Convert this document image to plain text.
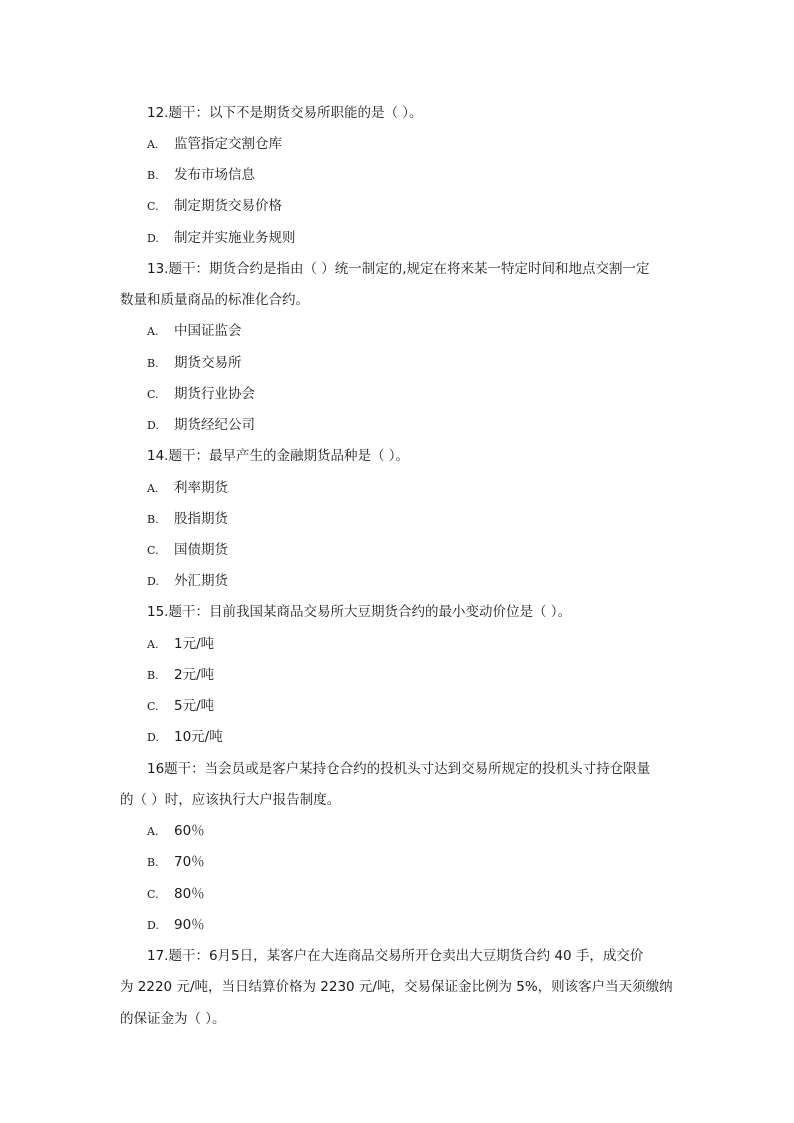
12.题干：以下不是期货交易所职能的是（ ）。
A. 监管指定交割仓库
B. 发布市场信息
C. 制定期货交易价格
D. 制定并实施业务规则
13.题干：期货合约是指由（ ）统一制定的,规定在将来某一特定时间和地点交割一定
数量和质量商品的标准化合约。
A. 中国证监会
B. 期货交易所
C. 期货行业协会
D. 期货经纪公司
14.题干：最早产生的金融期货品种是（ ）。
A. 利率期货
B. 股指期货
C. 国债期货
D. 外汇期货
15.题干：目前我国某商品交易所大豆期货合约的最小变动价位是（ ）。
A. 1元/吨
B. 2元/吨
C. 5元/吨
D. 10元/吨
16题干：当会员或是客户某持仓合约的投机头寸达到交易所规定的投机头寸持仓限量
的（ ）时，应该执行大户报告制度。
A. 60％
B. 70％
C. 80％
D. 90％
17.题干：6月5日，某客户在大连商品交易所开仓卖出大豆期货合约 40 手，成交价
为 2220 元/吨，当日结算价格为 2230 元/吨，交易保证金比例为 5%，则该客户当天须缴纳
的保证金为（ ）。
